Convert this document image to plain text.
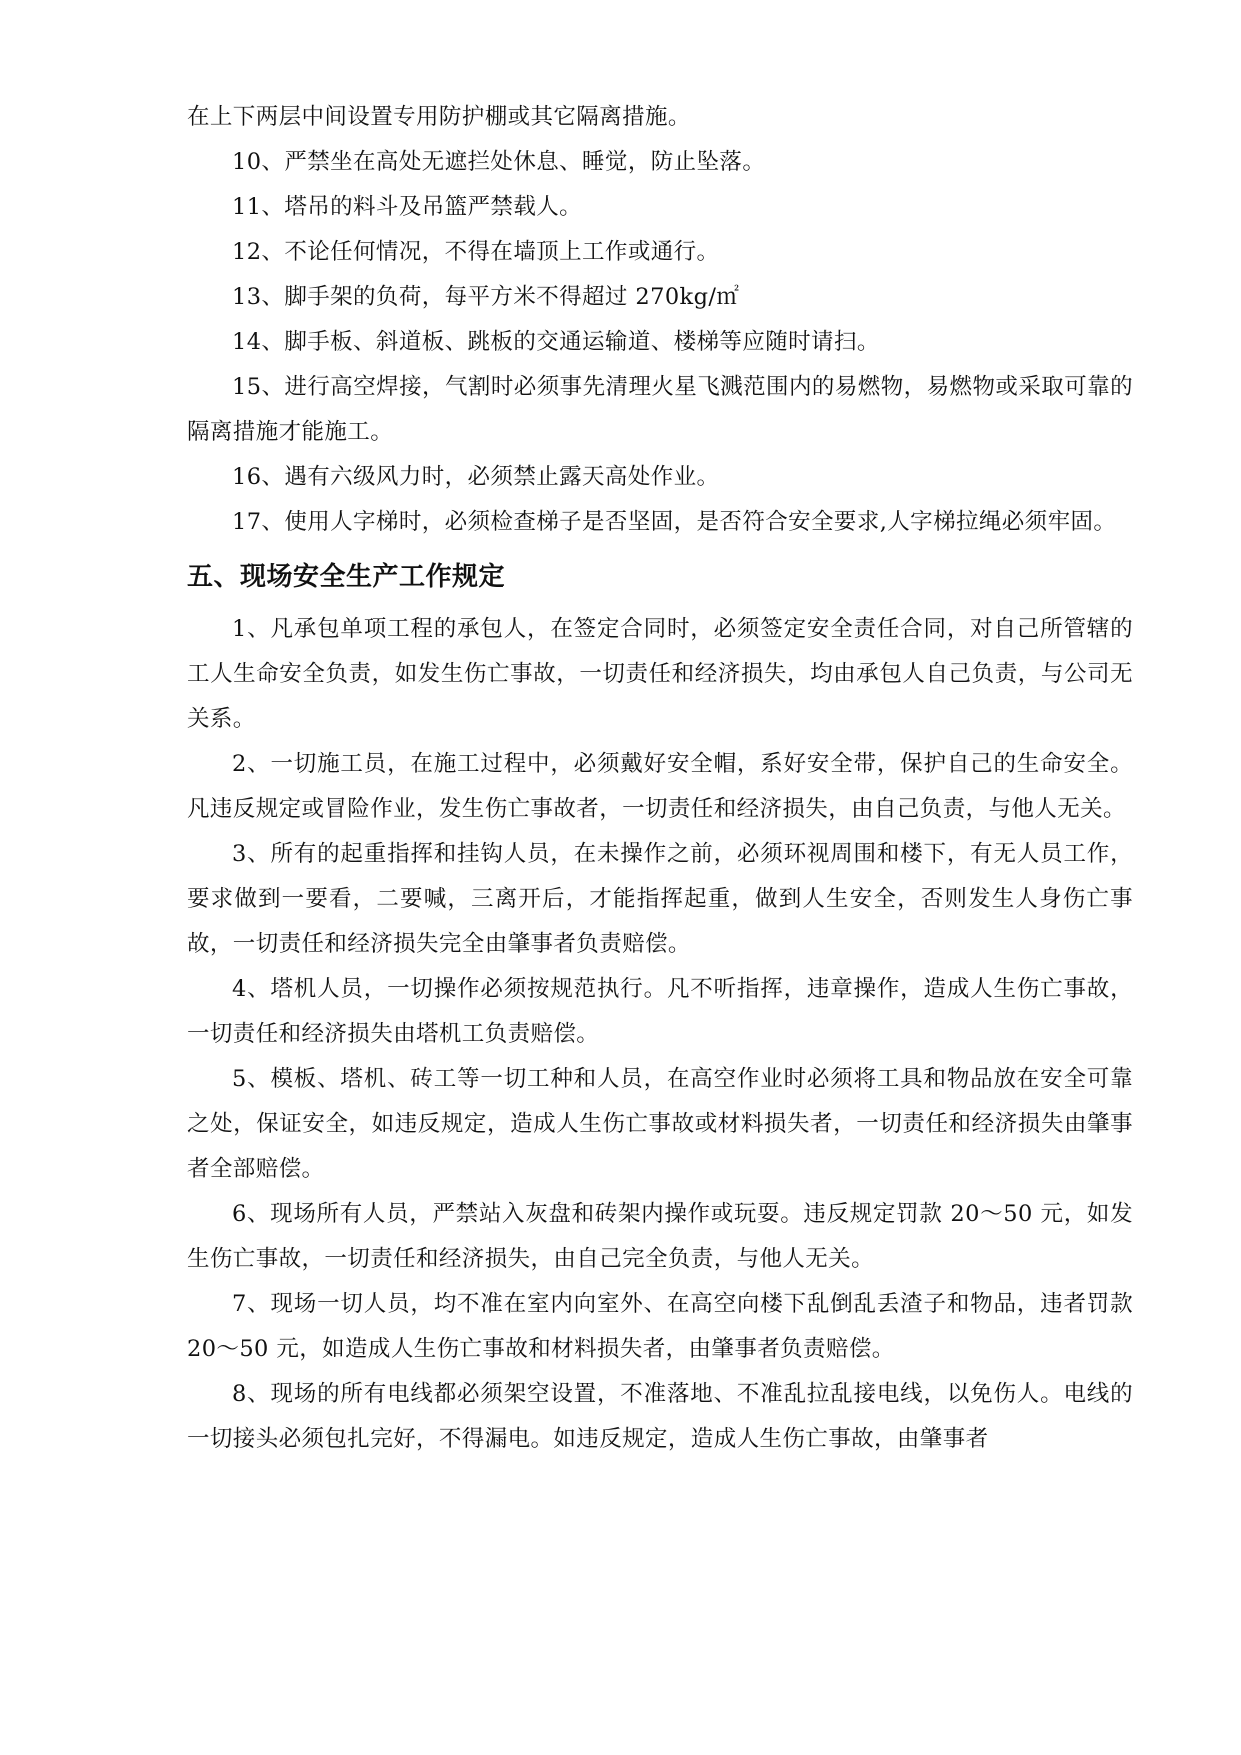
在上下两层中间设置专用防护棚或其它隔离措施。

10、严禁坐在高处无遮拦处休息、睡觉，防止坠落。

11、塔吊的料斗及吊篮严禁载人。

12、不论任何情况，不得在墙顶上工作或通行。

13、脚手架的负荷，每平方米不得超过 270kg/㎡

14、脚手板、斜道板、跳板的交通运输道、楼梯等应随时请扫。

15、进行高空焊接，气割时必须事先清理火星飞溅范围内的易燃物，易燃物或采取可靠的隔离措施才能施工。

16、遇有六级风力时，必须禁止露天高处作业。

17、使用人字梯时，必须检查梯子是否坚固，是否符合安全要求,人字梯拉绳必须牢固。

五、现场安全生产工作规定

1、凡承包单项工程的承包人，在签定合同时，必须签定安全责任合同，对自己所管辖的工人生命安全负责，如发生伤亡事故，一切责任和经济损失，均由承包人自己负责，与公司无关系。

2、一切施工员，在施工过程中，必须戴好安全帽，系好安全带，保护自己的生命安全。凡违反规定或冒险作业，发生伤亡事故者，一切责任和经济损失，由自己负责，与他人无关。

3、所有的起重指挥和挂钩人员，在未操作之前，必须环视周围和楼下，有无人员工作，要求做到一要看，二要喊，三离开后，才能指挥起重，做到人生安全，否则发生人身伤亡事故，一切责任和经济损失完全由肇事者负责赔偿。

4、塔机人员，一切操作必须按规范执行。凡不听指挥，违章操作，造成人生伤亡事故，一切责任和经济损失由塔机工负责赔偿。

5、模板、塔机、砖工等一切工种和人员，在高空作业时必须将工具和物品放在安全可靠之处，保证安全，如违反规定，造成人生伤亡事故或材料损失者，一切责任和经济损失由肇事者全部赔偿。

6、现场所有人员，严禁站入灰盘和砖架内操作或玩耍。违反规定罚款 20～50 元，如发生伤亡事故，一切责任和经济损失，由自己完全负责，与他人无关。

7、现场一切人员，均不准在室内向室外、在高空向楼下乱倒乱丢渣子和物品，违者罚款 20～50 元，如造成人生伤亡事故和材料损失者，由肇事者负责赔偿。

8、现场的所有电线都必须架空设置，不准落地、不准乱拉乱接电线，以免伤人。电线的一切接头必须包扎完好，不得漏电。如违反规定，造成人生伤亡事故，由肇事者
